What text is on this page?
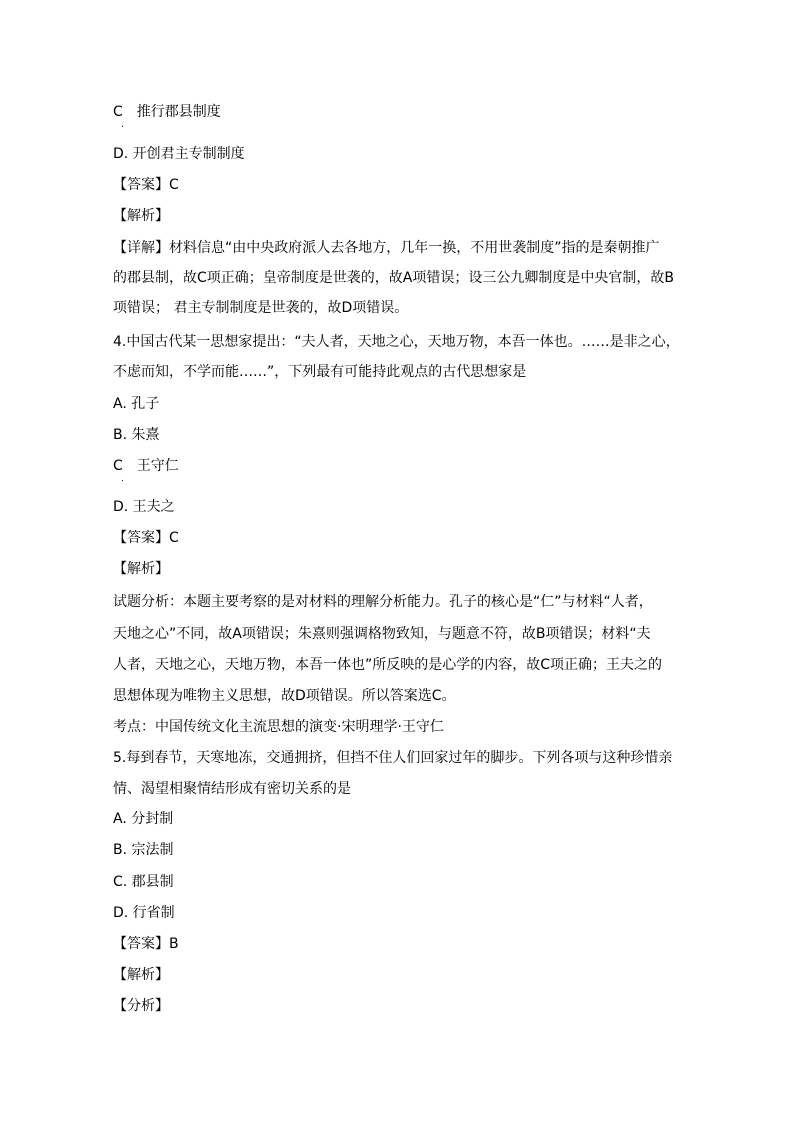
C　推行郡县制度
.
D. 开创君主专制制度
【答案】C
【解析】
【详解】材料信息“由中央政府派人去各地方，几年一换，不用世袭制度”指的是秦朝推广
的郡县制，故C项正确；皇帝制度是世袭的，故A项错误；设三公九卿制度是中央官制，故B
项错误； 君主专制制度是世袭的，故D项错误。
4.中国古代某一思想家提出：“夫人者，天地之心，天地万物，本吾一体也。……是非之心，
不虑而知，不学而能……”，下列最有可能持此观点的古代思想家是
A. 孔子
B. 朱熹
C　王守仁
.
D. 王夫之
【答案】C
【解析】
试题分析：本题主要考察的是对材料的理解分析能力。孔子的核心是“仁”与材料“人者，
天地之心”不同，故A项错误；朱熹则强调格物致知，与题意不符，故B项错误；材料“夫
人者，天地之心，天地万物，本吾一体也”所反映的是心学的内容，故C项正确；王夫之的
思想体现为唯物主义思想，故D项错误。所以答案选C。
考点：中国传统文化主流思想的演变·宋明理学·王守仁
5.每到春节，天寒地冻，交通拥挤，但挡不住人们回家过年的脚步。下列各项与这种珍惜亲
情、渴望相聚情结形成有密切关系的是
A. 分封制
B. 宗法制
C. 郡县制
D. 行省制
【答案】B
【解析】
【分析】
